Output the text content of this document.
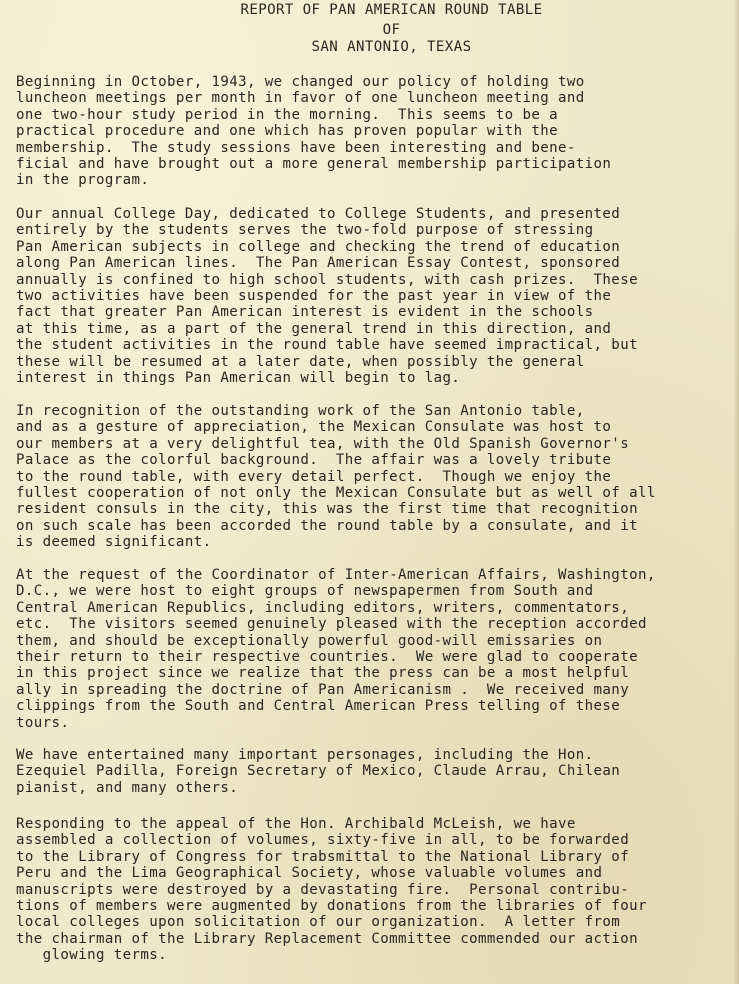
REPORT OF PAN AMERICAN ROUND TABLE
OF
SAN ANTONIO, TEXAS
Beginning in October, 1943, we changed our policy of holding two
luncheon meetings per month in favor of one luncheon meeting and
one two-hour study period in the morning.  This seems to be a
practical procedure and one which has proven popular with the
membership.  The study sessions have been interesting and bene-
ficial and have brought out a more general membership participation
in the program.
Our annual College Day, dedicated to College Students, and presented
entirely by the students serves the two-fold purpose of stressing
Pan American subjects in college and checking the trend of education
along Pan American lines.  The Pan American Essay Contest, sponsored
annually is confined to high school students, with cash prizes.  These
two activities have been suspended for the past year in view of the
fact that greater Pan American interest is evident in the schools
at this time, as a part of the general trend in this direction, and
the student activities in the round table have seemed impractical, but
these will be resumed at a later date, when possibly the general
interest in things Pan American will begin to lag.
In recognition of the outstanding work of the San Antonio table,
and as a gesture of appreciation, the Mexican Consulate was host to
our members at a very delightful tea, with the Old Spanish Governor's
Palace as the colorful background.  The affair was a lovely tribute
to the round table, with every detail perfect.  Though we enjoy the
fullest cooperation of not only the Mexican Consulate but as well of all
resident consuls in the city, this was the first time that recognition
on such scale has been accorded the round table by a consulate, and it
is deemed significant.
At the request of the Coordinator of Inter-American Affairs, Washington,
D.C., we were host to eight groups of newspapermen from South and
Central American Republics, including editors, writers, commentators,
etc.  The visitors seemed genuinely pleased with the reception accorded
them, and should be exceptionally powerful good-will emissaries on
their return to their respective countries.  We were glad to cooperate
in this project since we realize that the press can be a most helpful
ally in spreading the doctrine of Pan Americanism .  We received many
clippings from the South and Central American Press telling of these
tours.
We have entertained many important personages, including the Hon.
Ezequiel Padilla, Foreign Secretary of Mexico, Claude Arrau, Chilean
pianist, and many others.
Responding to the appeal of the Hon. Archibald McLeish, we have
assembled a collection of volumes, sixty-five in all, to be forwarded
to the Library of Congress for trabsmittal to the National Library of
Peru and the Lima Geographical Society, whose valuable volumes and
manuscripts were destroyed by a devastating fire.  Personal contribu-
tions of members were augmented by donations from the libraries of four
local colleges upon solicitation of our organization.  A letter from
the chairman of the Library Replacement Committee commended our action
glowing terms.
